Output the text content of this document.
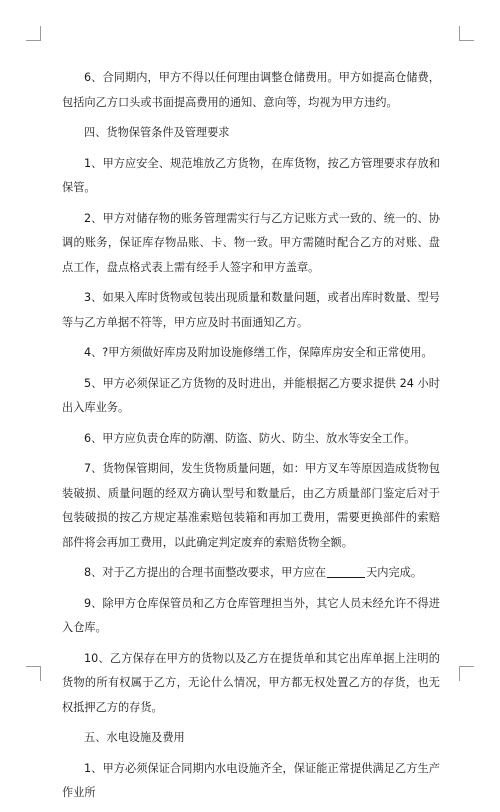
6、合同期内，甲方不得以任何理由调整仓储费用。甲方如提高仓储费，包括向乙方口头或书面提高费用的通知、意向等，均视为甲方违约。

四、货物保管条件及管理要求

1、甲方应安全、规范堆放乙方货物，在库货物，按乙方管理要求存放和保管。

2、甲方对储存物的账务管理需实行与乙方记账方式一致的、统一的、协调的账务，保证库存物品账、卡、物一致。甲方需随时配合乙方的对账、盘点工作，盘点格式表上需有经手人签字和甲方盖章。

3、如果入库时货物或包装出现质量和数量问题，或者出库时数量、型号等与乙方单据不符等，甲方应及时书面通知乙方。

4、?甲方须做好库房及附加设施修缮工作，保障库房安全和正常使用。

5、甲方必须保证乙方货物的及时进出，并能根据乙方要求提供 24 小时出入库业务。

6、甲方应负责仓库的防潮、防盗、防火、防尘、放水等安全工作。

7、货物保管期间，发生货物质量问题，如：甲方叉车等原因造成货物包装破损、质量问题的经双方确认型号和数量后，由乙方质量部门鉴定后对于包装破损的按乙方规定基准索赔包装箱和再加工费用，需要更换部件的索赔部件将会再加工费用，以此确定判定废弃的索赔货物全额。

8、对于乙方提出的合理书面整改要求，甲方应在	天内完成。

9、除甲方仓库保管员和乙方仓库管理担当外，其它人员未经允许不得进入仓库。

10、乙方保存在甲方的货物以及乙方在提货单和其它出库单据上注明的货物的所有权属于乙方，无论什么情况，甲方都无权处置乙方的存货，也无权抵押乙方的存货。

五、水电设施及费用

1、甲方必须保证合同期内水电设施齐全，保证能正常提供满足乙方生产作业所
